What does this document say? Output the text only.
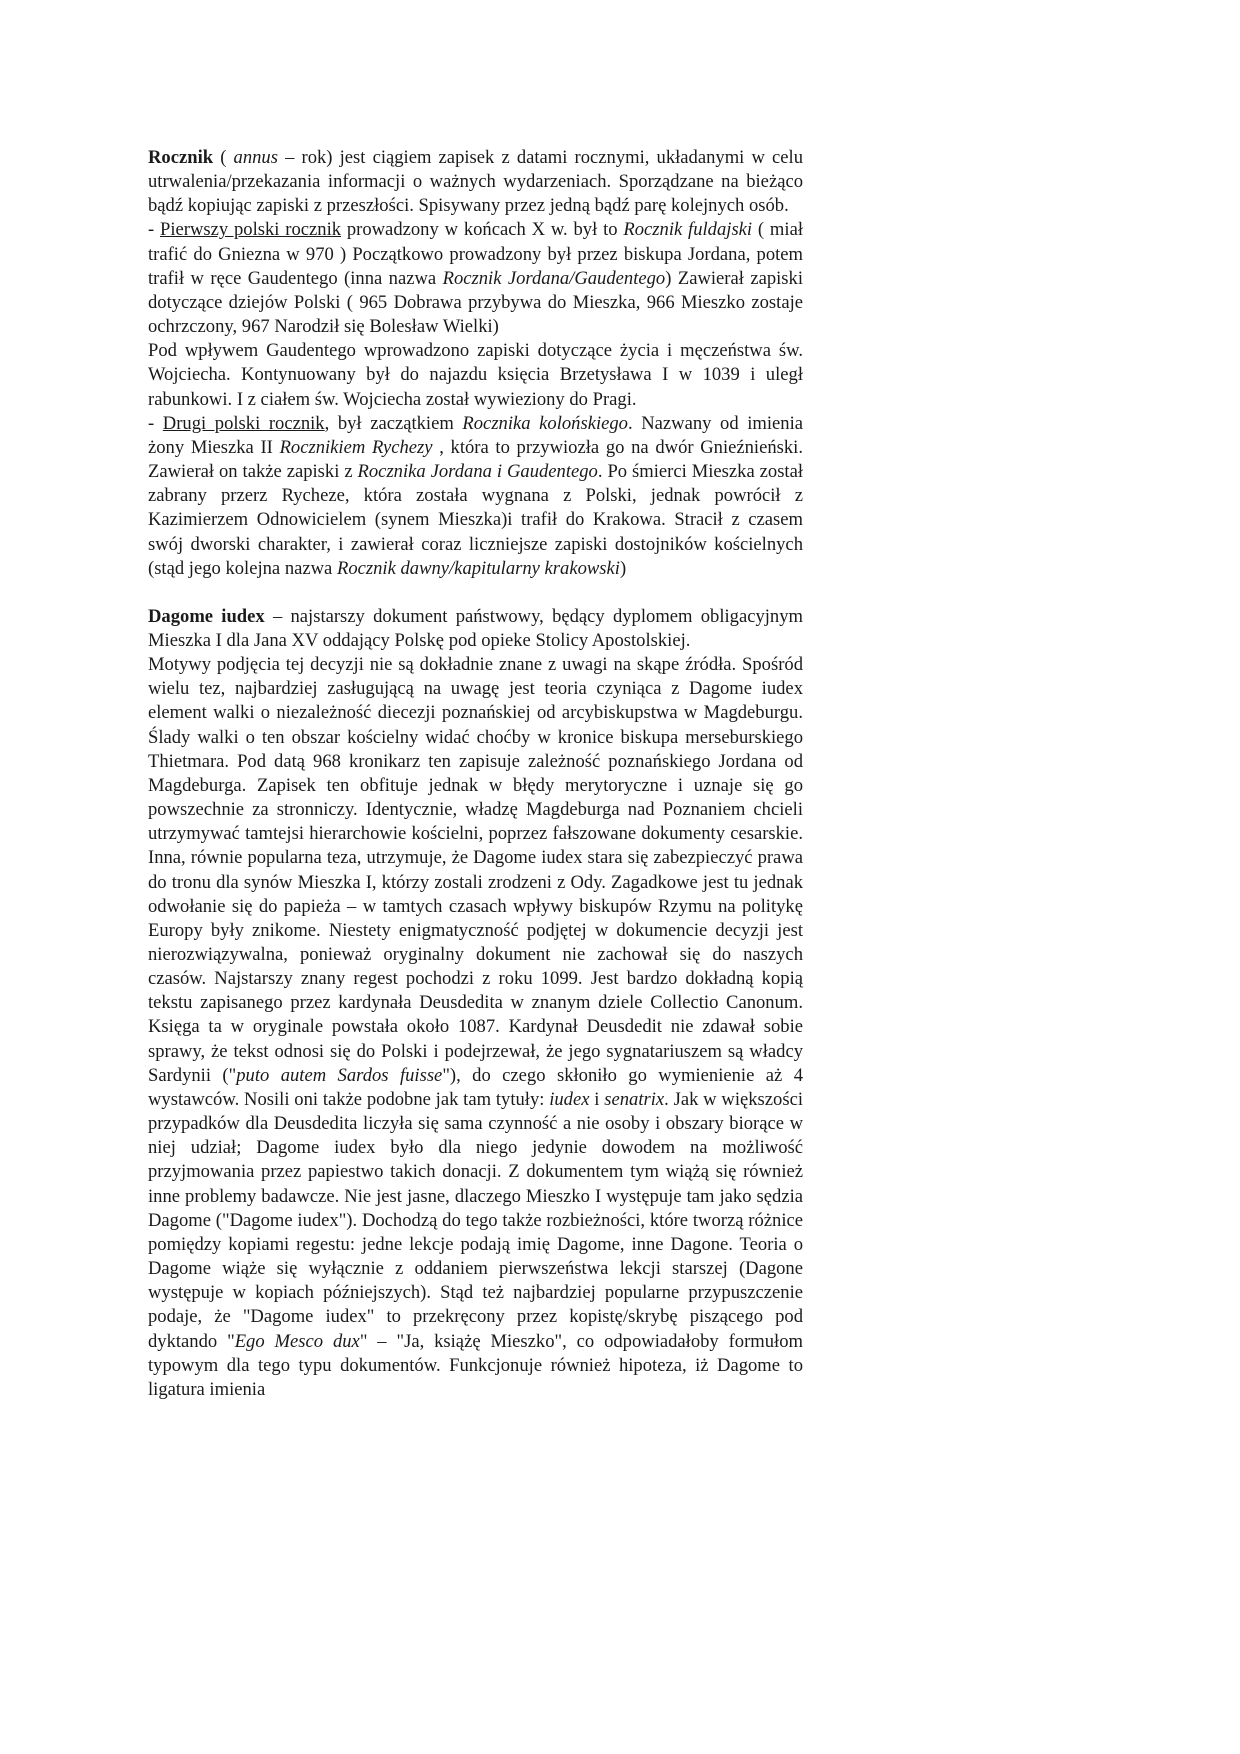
Rocznik ( annus – rok) jest ciągiem zapisek z datami rocznymi, układanymi w celu utrwalenia/przekazania informacji o ważnych wydarzeniach. Sporządzane na bieżąco bądź kopiując zapiski z przeszłości. Spisywany przez jedną bądź parę kolejnych osób.

- Pierwszy polski rocznik prowadzony w końcach X w. był to Rocznik fuldajski ( miał trafić do Gniezna w 970 ) Początkowo prowadzony był przez biskupa Jordana, potem trafił w ręce Gaudentego (inna nazwa Rocznik Jordana/Gaudentego) Zawierał zapiski dotyczące dziejów Polski ( 965 Dobrawa przybywa do Mieszka, 966 Mieszko zostaje ochrzczony, 967 Narodził się Bolesław Wielki)

Pod wpływem Gaudentego wprowadzono zapiski dotyczące życia i męczeństwa św. Wojciecha. Kontynuowany był do najazdu księcia Brzetysława I w 1039 i uległ rabunkowi. I z ciałem św. Wojciecha został wywieziony do Pragi.

- Drugi polski rocznik, był zaczątkiem Rocznika kolońskiego. Nazwany od imienia żony Mieszka II Rocznikiem Rychezy , która to przywiozła go na dwór Gnieźnieński. Zawierał on także zapiski z Rocznika Jordana i Gaudentego. Po śmierci Mieszka został zabrany przerz Rycheze, która została wygnana z Polski, jednak powrócił z Kazimierzem Odnowicielem (synem Mieszka)i trafił do Krakowa. Stracił z czasem swój dworski charakter, i zawierał coraz liczniejsze zapiski dostojników kościelnych (stąd jego kolejna nazwa Rocznik dawny/kapitularny krakowski)

Dagome iudex – najstarszy dokument państwowy, będący dyplomem obligacyjnym Mieszka I dla Jana XV oddający Polskę pod opieke Stolicy Apostolskiej.

Motywy podjęcia tej decyzji nie są dokładnie znane z uwagi na skąpe źródła. Spośród wielu tez, najbardziej zasługującą na uwagę jest teoria czyniąca z Dagome iudex element walki o niezależność diecezji poznańskiej od arcybiskupstwa w Magdeburgu. Ślady walki o ten obszar kościelny widać choćby w kronice biskupa merseburskiego Thietmara. Pod datą 968 kronikarz ten zapisuje zależność poznańskiego Jordana od Magdeburga. Zapisek ten obfituje jednak w błędy merytoryczne i uznaje się go powszechnie za stronniczy. Identycznie, władzę Magdeburga nad Poznaniem chcieli utrzymywać tamtejsi hierarchowie kościelni, poprzez fałszowane dokumenty cesarskie. Inna, równie popularna teza, utrzymuje, że Dagome iudex stara się zabezpieczyć prawa do tronu dla synów Mieszka I, którzy zostali zrodzeni z Ody. Zagadkowe jest tu jednak odwołanie się do papieża – w tamtych czasach wpływy biskupów Rzymu na politykę Europy były znikome. Niestety enigmatyczność podjętej w dokumencie decyzji jest nierozwiązywalna, ponieważ oryginalny dokument nie zachował się do naszych czasów. Najstarszy znany regest pochodzi z roku 1099. Jest bardzo dokładną kopią tekstu zapisanego przez kardynała Deusdedita w znanym dziele Collectio Canonum. Księga ta w oryginale powstała około 1087. Kardynał Deusdedit nie zdawał sobie sprawy, że tekst odnosi się do Polski i podejrzewał, że jego sygnatariuszem są władcy Sardynii ("puto autem Sardos fuisse"), do czego skłoniło go wymienienie aż 4 wystawców. Nosili oni także podobne jak tam tytuły: iudex i senatrix. Jak w większości przypadków dla Deusdedita liczyła się sama czynność a nie osoby i obszary biorące w niej udział; Dagome iudex było dla niego jedynie dowodem na możliwość przyjmowania przez papiestwo takich donacji. Z dokumentem tym wiążą się również inne problemy badawcze. Nie jest jasne, dlaczego Mieszko I występuje tam jako sędzia Dagome ("Dagome iudex"). Dochodzą do tego także rozbieżności, które tworzą różnice pomiędzy kopiami regestu: jedne lekcje podają imię Dagome, inne Dagone. Teoria o Dagome wiąże się wyłącznie z oddaniem pierwszeństwa lekcji starszej (Dagone występuje w kopiach późniejszych). Stąd też najbardziej popularne przypuszczenie podaje, że "Dagome iudex" to przekręcony przez kopistę/skrybę piszącego pod dyktando "Ego Mesco dux" – "Ja, książę Mieszko", co odpowiadałoby formułom typowym dla tego typu dokumentów. Funkcjonuje również hipoteza, iż Dagome to ligatura imienia
